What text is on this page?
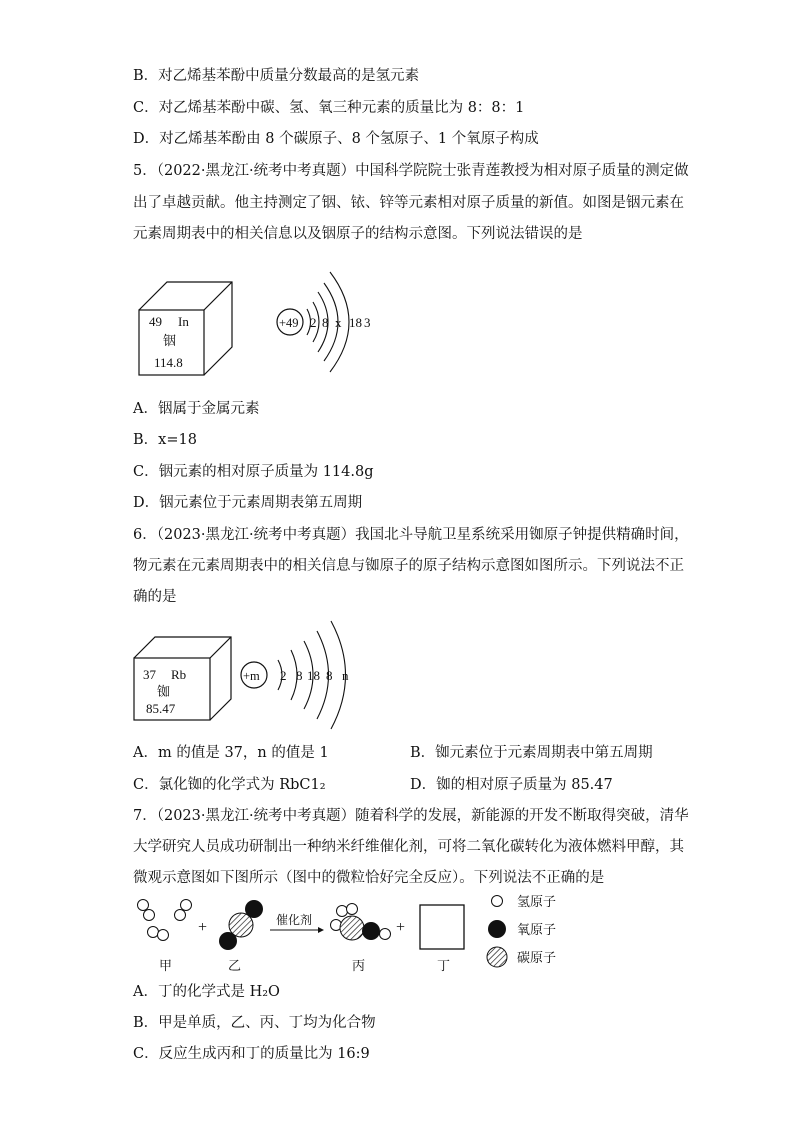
B．对乙烯基苯酚中质量分数最高的是氢元素
C．对乙烯基苯酚中碳、氢、氧三种元素的质量比为 8：8：1
D．对乙烯基苯酚由 8 个碳原子、8 个氢原子、1 个氧原子构成
5．（2022·黑龙江·统考中考真题）中国科学院院士张青莲教授为相对原子质量的测定做
出了卓越贡献。他主持测定了铟、铱、锌等元素相对原子质量的新值。如图是铟元素在
元素周期表中的相关信息以及铟原子的结构示意图。下列说法错误的是
49 In
铟
114.8
+49 2 8 x 18 3
A．铟属于金属元素
B．x=18
C．铟元素的相对原子质量为 114.8g
D．铟元素位于元素周期表第五周期
6．（2023·黑龙江·统考中考真题）我国北斗导航卫星系统采用铷原子钟提供精确时间，
物元素在元素周期表中的相关信息与铷原子的原子结构示意图如图所示。下列说法不正
确的是
37 Rb
铷
85.47
+m 2 8 18 8 n
A．m 的值是 37，n 的值是 1	B．铷元素位于元素周期表中第五周期
C．氯化铷的化学式为 RbC1₂	D．铷的相对原子质量为 85.47
7．（2023·黑龙江·统考中考真题）随着科学的发展，新能源的开发不断取得突破，清华
大学研究人员成功研制出一种纳米纤维催化剂，可将二氧化碳转化为液体燃料甲醇，其
微观示意图如下图所示（图中的微粒恰好完全反应）。下列说法不正确的是
+	催化剂	+
甲	乙	丙	丁
氢原子
氧原子
碳原子
A．丁的化学式是 H₂O
B．甲是单质，乙、丙、丁均为化合物
C．反应生成丙和丁的质量比为 16:9
